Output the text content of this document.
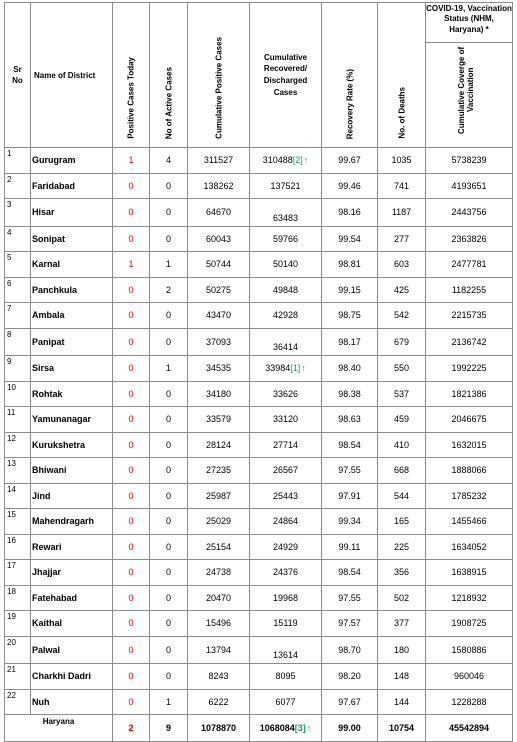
Sr No	Name of District	Positive Cases Today	No of Active Cases	Cumulative Positive Cases	Cumulative Recovered/ Discharged Cases	Recovery Rate (%)	No. of Deaths	COVID-19, Vaccination Status (NHM, Haryana) *
Cumulative Coverge of Vaccination

1	Gurugram	1	4	311527	310488[2]↑	99.67	1035	5738239
2	Faridabad	0	0	138262	137521	99.46	741	4193651
3	Hisar	0	0	64670	63483	98.16	1187	2443756
4	Sonipat	0	0	60043	59766	99.54	277	2363826
5	Karnal	1	1	50744	50140	98.81	603	2477781
6	Panchkula	0	2	50275	49848	99.15	425	1182255
7	Ambala	0	0	43470	42928	98.75	542	2215735
8	Panipat	0	0	37093	36414	98.17	679	2136742
9	Sirsa	0	1	34535	33984[1]↑	98.40	550	1992225
10	Rohtak	0	0	34180	33626	98.38	537	1821386
11	Yamunanagar	0	0	33579	33120	98.63	459	2046675
12	Kurukshetra	0	0	28124	27714	98.54	410	1632015
13	Bhiwani	0	0	27235	26567	97.55	668	1888066
14	Jind	0	0	25987	25443	97.91	544	1785232
15	Mahendragarh	0	0	25029	24864	99.34	165	1455466
16	Rewari	0	0	25154	24929	99.11	225	1634052
17	Jhajjar	0	0	24738	24376	98.54	356	1638915
18	Fatehabad	0	0	20470	19968	97.55	502	1218932
19	Kaithal	0	0	15496	15119	97.57	377	1908725
20	Palwal	0	0	13794	13614	98.70	180	1580886
21	Charkhi Dadri	0	0	8243	8095	98.20	148	960046
22	Nuh	0	1	6222	6077	97.67	144	1228288
Haryana		2	9	1078870	1068084[3]↑	99.00	10754	45542894
